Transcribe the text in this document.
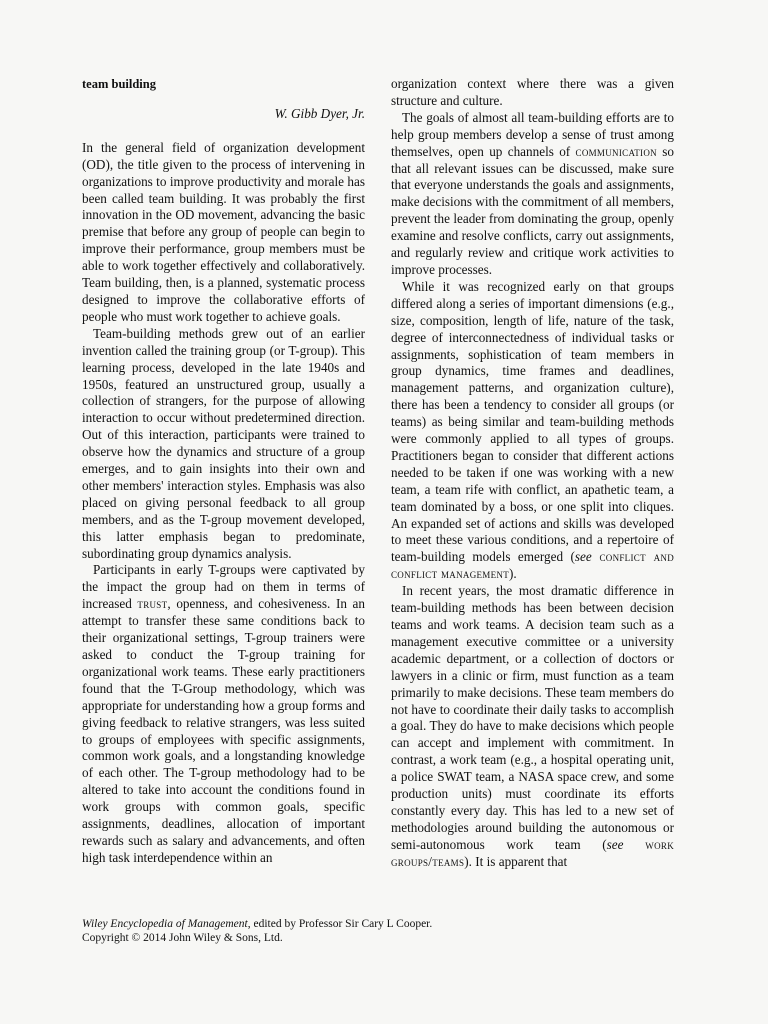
team building
W. Gibb Dyer, Jr.

In the general field of organization development (OD), the title given to the process of intervening in organizations to improve productivity and morale has been called team building. It was probably the first innovation in the OD movement, advancing the basic premise that before any group of people can begin to improve their performance, group members must be able to work together effectively and collaboratively. Team building, then, is a planned, systematic process designed to improve the collaborative efforts of people who must work together to achieve goals.

Team-building methods grew out of an earlier invention called the training group (or T-group). This learning process, developed in the late 1940s and 1950s, featured an unstructured group, usually a collection of strangers, for the purpose of allowing interaction to occur without predetermined direction. Out of this interaction, participants were trained to observe how the dynamics and structure of a group emerges, and to gain insights into their own and other members' interaction styles. Emphasis was also placed on giving personal feedback to all group members, and as the T-group movement developed, this latter emphasis began to predominate, subordinating group dynamics analysis.

Participants in early T-groups were captivated by the impact the group had on them in terms of increased trust, openness, and cohesiveness. In an attempt to transfer these same conditions back to their organizational settings, T-group trainers were asked to conduct the T-group training for organizational work teams. These early practitioners found that the T-Group methodology, which was appropriate for understanding how a group forms and giving feedback to relative strangers, was less suited to groups of employees with specific assignments, common work goals, and a longstanding knowledge of each other. The T-group methodology had to be altered to take into account the conditions found in work groups with common goals, specific assignments, deadlines, allocation of important rewards such as salary and advancements, and often high task interdependence within an

organization context where there was a given structure and culture.

The goals of almost all team-building efforts are to help group members develop a sense of trust among themselves, open up channels of communication so that all relevant issues can be discussed, make sure that everyone understands the goals and assignments, make decisions with the commitment of all members, prevent the leader from dominating the group, openly examine and resolve conflicts, carry out assignments, and regularly review and critique work activities to improve processes.

While it was recognized early on that groups differed along a series of important dimensions (e.g., size, composition, length of life, nature of the task, degree of interconnectedness of individual tasks or assignments, sophistication of team members in group dynamics, time frames and deadlines, management patterns, and organization culture), there has been a tendency to consider all groups (or teams) as being similar and team-building methods were commonly applied to all types of groups. Practitioners began to consider that different actions needed to be taken if one was working with a new team, a team rife with conflict, an apathetic team, a team dominated by a boss, or one split into cliques. An expanded set of actions and skills was developed to meet these various conditions, and a repertoire of team-building models emerged (see conflict and conflict management).

In recent years, the most dramatic difference in team-building methods has been between decision teams and work teams. A decision team such as a management executive committee or a university academic department, or a collection of doctors or lawyers in a clinic or firm, must function as a team primarily to make decisions. These team members do not have to coordinate their daily tasks to accomplish a goal. They do have to make decisions which people can accept and implement with commitment. In contrast, a work team (e.g., a hospital operating unit, a police SWAT team, a NASA space crew, and some production units) must coordinate its efforts constantly every day. This has led to a new set of methodologies around building the autonomous or semi-autonomous work team (see work groups/teams). It is apparent that

Wiley Encyclopedia of Management, edited by Professor Sir Cary L Cooper.
Copyright © 2014 John Wiley & Sons, Ltd.
